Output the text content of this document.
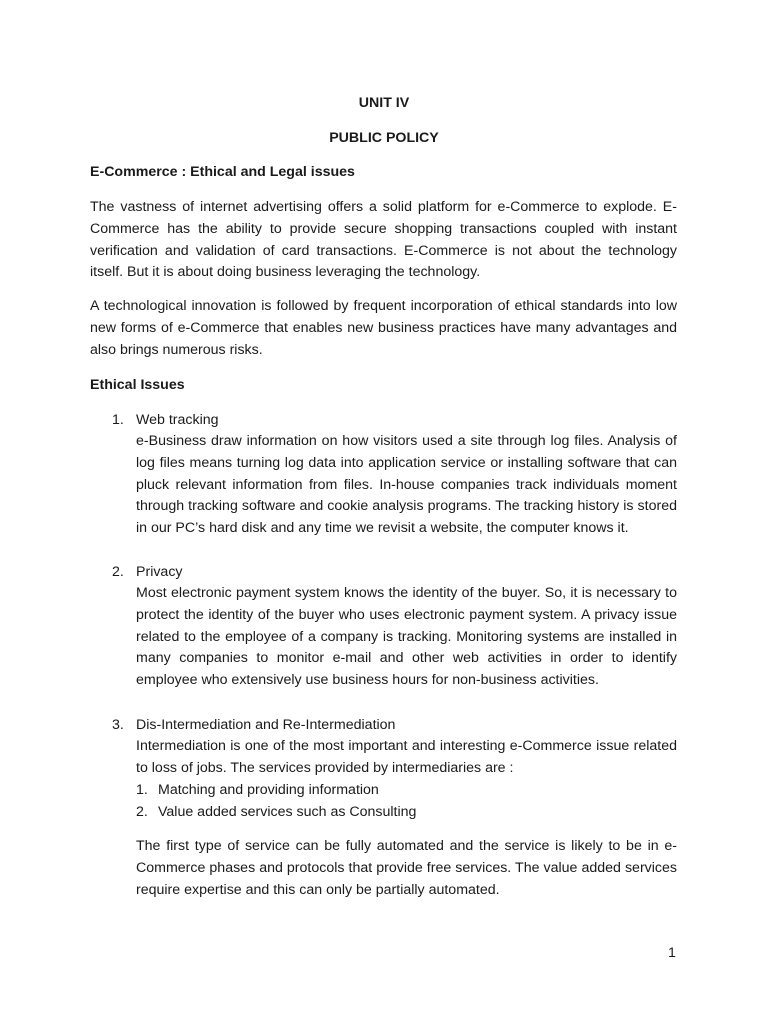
UNIT IV
PUBLIC POLICY
E-Commerce : Ethical and Legal issues
The vastness of internet advertising offers a solid platform for e-Commerce to explode. E-Commerce has the ability to provide secure shopping transactions coupled with instant verification and validation of card transactions. E-Commerce is not about the technology itself. But it is about doing business leveraging the technology.
A technological innovation is followed by frequent incorporation of ethical standards into low new forms of e-Commerce that enables new business practices have many advantages and also brings numerous risks.
Ethical Issues
1. Web tracking
e-Business draw information on how visitors used a site through log files. Analysis of log files means turning log data into application service or installing software that can pluck relevant information from files. In-house companies track individuals moment through tracking software and cookie analysis programs. The tracking history is stored in our PC’s hard disk and any time we revisit a website, the computer knows it.
2. Privacy
Most electronic payment system knows the identity of the buyer. So, it is necessary to protect the identity of the buyer who uses electronic payment system. A privacy issue related to the employee of a company is tracking. Monitoring systems are installed in many companies to monitor e-mail and other web activities in order to identify employee who extensively use business hours for non-business activities.
3. Dis-Intermediation and Re-Intermediation
Intermediation is one of the most important and interesting e-Commerce issue related to loss of jobs. The services provided by intermediaries are :
1. Matching and providing information
2. Value added services such as Consulting
The first type of service can be fully automated and the service is likely to be in e-Commerce phases and protocols that provide free services. The value added services require expertise and this can only be partially automated.
1
